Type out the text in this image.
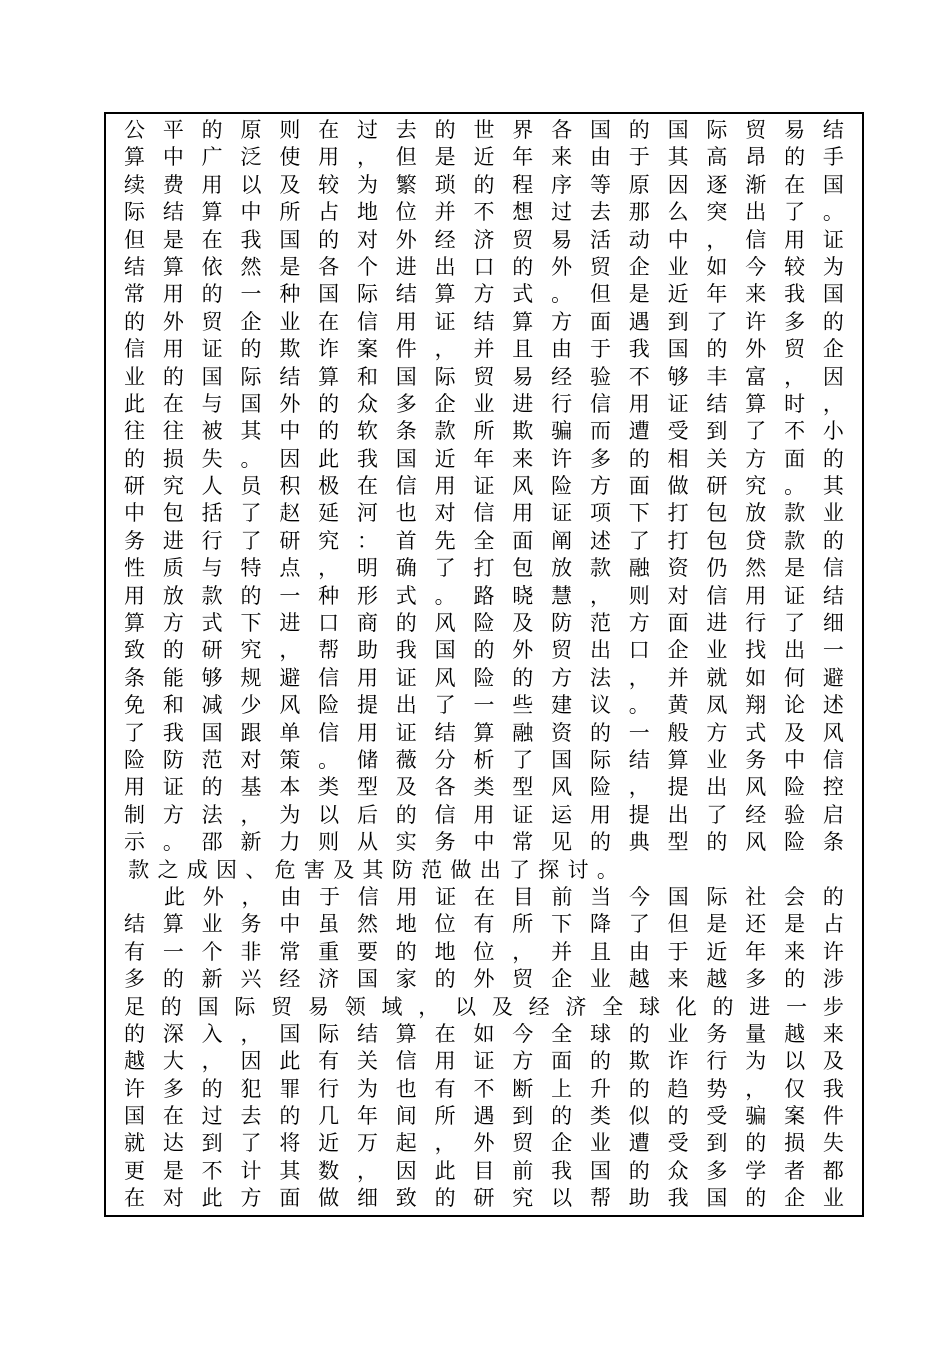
公 平 的 原 则 在 过 去 的 世 界 各 国 的 国 际 贸 易 结
算 中 广 泛 使 用 ， 但 是 近 年 来 由 于 其 高 昂 的 手
续 费 用 以 及 较 为 繁 琐 的 程 序 等 原 因 逐 渐 在 国
际 结 算 中 所 占 地 位 并 不 想 过 去 那 么 突 出 了 。
但 是 在 我 国 的 对 外 经 济 贸 易 活 动 中 ， 信 用 证
结 算 依 然 是 各 个 进 出 口 的 外 贸 企 业 如 今 较 为
常 用 的 一 种 国 际 结 算 方 式 。 但 是 近 年 来 我 国
的 外 贸 企 业 在 信 用 证 结 算 方 面 遇 到 了 许 多 的
信 用 证 的 欺 诈 案 件 ， 并 且 由 于 我 国 的 外 贸 企
业 的 国 际 结 算 和 国 际 贸 易 经 验 不 够 丰 富 ， 因
此 在 与 国 外 的 众 多 企 业 进 行 信 用 证 结 算 时 ，
往 往 被 其 中 的 软 条 款 所 欺 骗 而 遭 受 到 了 不 小
的 损 失 。 因 此 我 国 近 年 来 许 多 的 相 关 方 面 的
研 究 人 员 积 极 在 信 用 证 风 险 方 面 做 研 究 。 其
中 包 括 了 赵 延 河 也 对 信 用 证 项 下 打 包 放 款 业
务 进 行 了 研 究 ： 首 先 全 面 阐 述 了 打 包 贷 款 的
性 质 与 特 点 ， 明 确 了 打 包 放 款 融 资 仍 然 是 信
用 放 款 的 一 种 形 式 。 路 晓 慧 ， 则 对 信 用 证 结
算 方 式 下 进 口 商 的 风 险 及 防 范 方 面 进 行 了 细
致 的 研 究 ， 帮 助 我 国 的 外 贸 出 口 企 业 找 出 一
条 能 够 规 避 信 用 证 风 险 的 方 法 ， 并 就 如 何 避
免 和 减 少 风 险 提 出 了 一 些 建 议 。 黄 凤 翔 论 述
了 我 国 跟 单 信 用 证 结 算 融 资 的 一 般 方 式 及 风
险 防 范 对 策 。 储 薇 分 析 了 国 际 结 算 业 务 中 信
用 证 的 基 本 类 型 及 各 类 型 风 险 ， 提 出 风 险 控
制 方 法 ， 为 以 后 的 信 用 证 运 用 提 出 了 经 验 启
示 。 邵 新 力 则 从 实 务 中 常 见 的 典 型 的 风 险 条
款 之 成 因 、 危 害 及 其 防 范 做 出 了 探 讨 。
此 外 ， 由 于 信 用 证 在 目 前 当 今 国 际 社 会 的
结 算 业 务 中 虽 然 地 位 有 所 下 降 了 但 是 还 是 占
有 一 个 非 常 重 要 的 地 位 ， 并 且 由 于 近 年 来 许
多 的 新 兴 经 济 国 家 的 外 贸 企 业 越 来 越 多 的 涉
足 的 国 际 贸 易 领 域 ， 以 及 经 济 全 球 化 的 进 一 步
的 深 入 ， 国 际 结 算 在 如 今 全 球 的 业 务 量 越 来
越 大 ， 因 此 有 关 信 用 证 方 面 的 欺 诈 行 为 以 及
许 多 的 犯 罪 行 为 也 有 不 断 上 升 的 趋 势 ， 仅 我
国 在 过 去 的 几 年 间 所 遇 到 的 类 似 的 受 骗 案 件
就 达 到 了 将 近 万 起 ， 外 贸 企 业 遭 受 到 的 损 失
更 是 不 计 其 数 ， 因 此 目 前 我 国 的 众 多 学 者 都
在 对 此 方 面 做 细 致 的 研 究 以 帮 助 我 国 的 企 业
